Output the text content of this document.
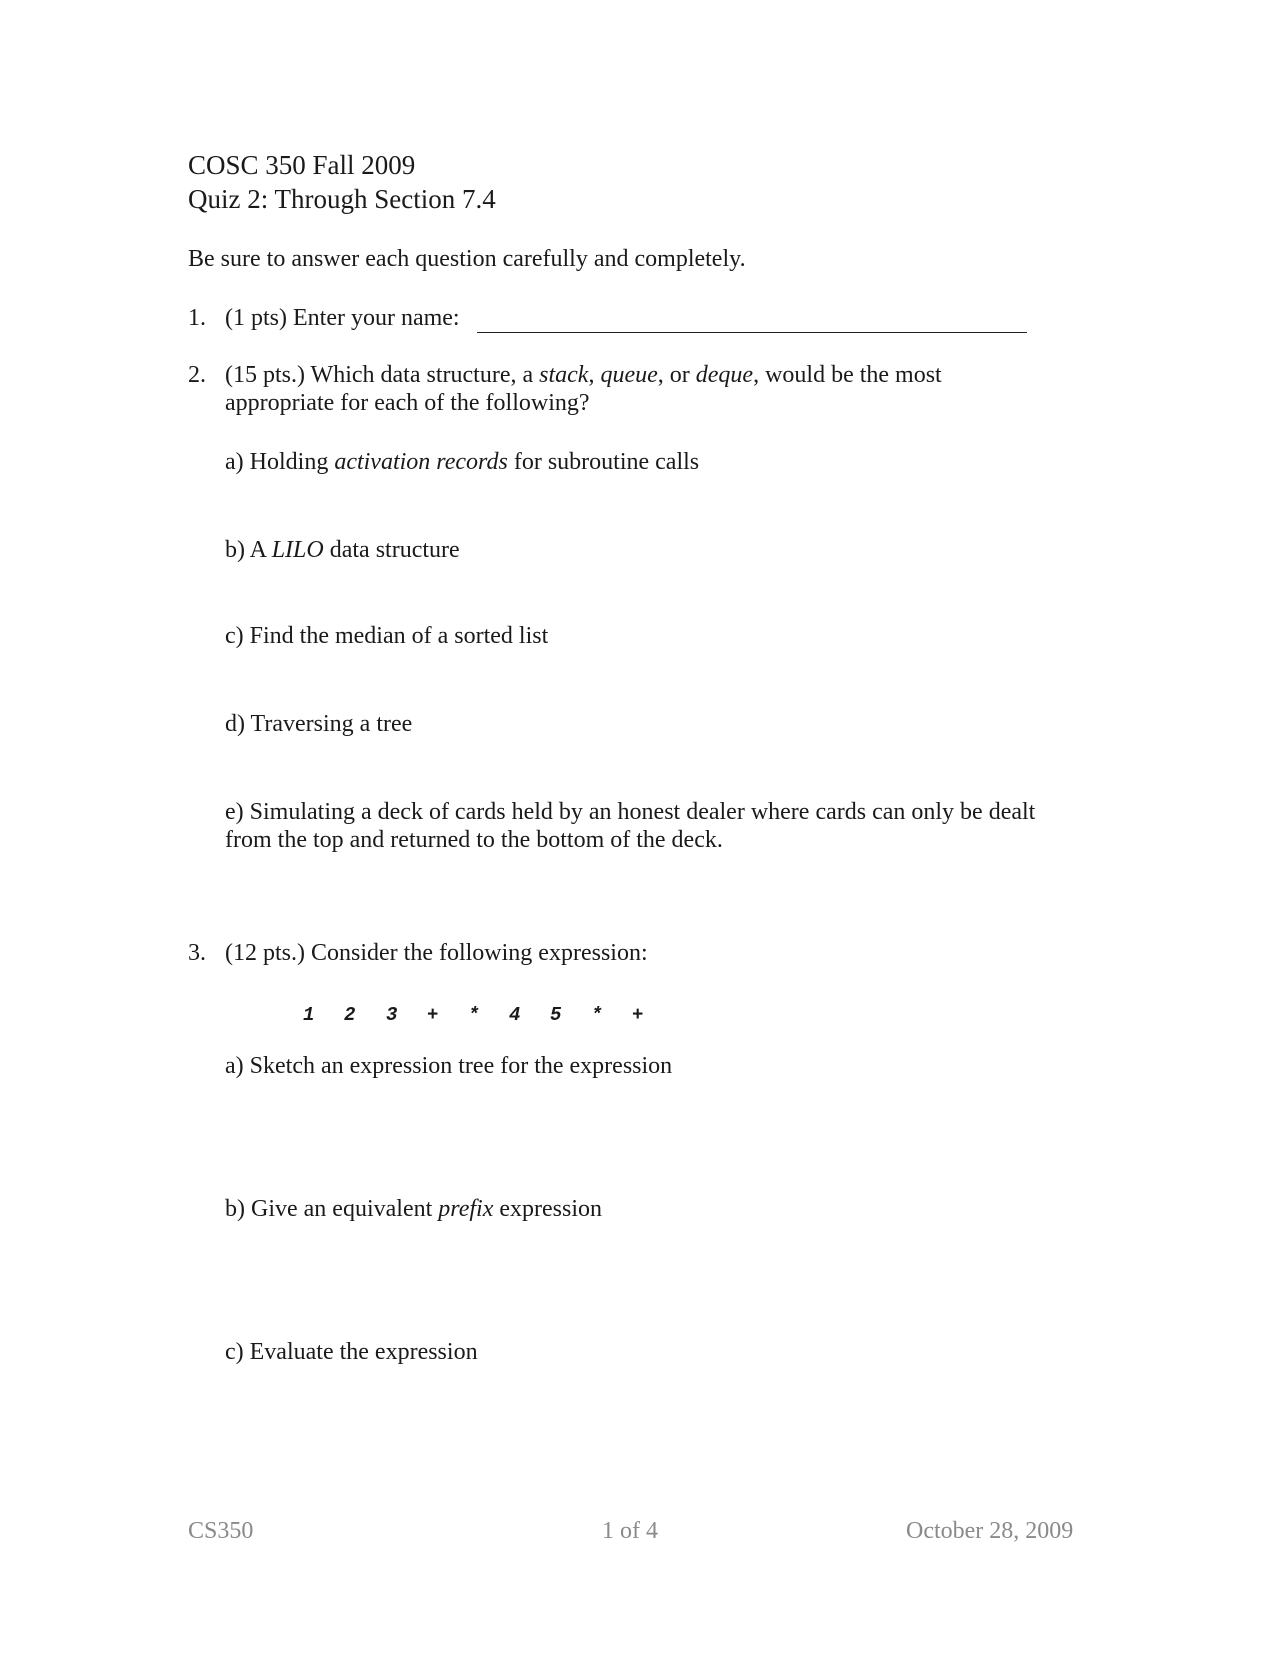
COSC 350 Fall 2009
Quiz 2: Through Section 7.4
Be sure to answer each question carefully and completely.
1. (1 pts) Enter your name:
2. (15 pts.) Which data structure, a stack, queue, or deque, would be the most
appropriate for each of the following?
a) Holding activation records for subroutine calls
b) A LILO data structure
c) Find the median of a sorted list
d) Traversing a tree
e) Simulating a deck of cards held by an honest dealer where cards can only be dealt
from the top and returned to the bottom of the deck.
3. (12 pts.) Consider the following expression:
1 2 3 + * 4 5 * +
a) Sketch an expression tree for the expression
b) Give an equivalent prefix expression
c) Evaluate the expression
CS350	1 of 4	October 28, 2009
